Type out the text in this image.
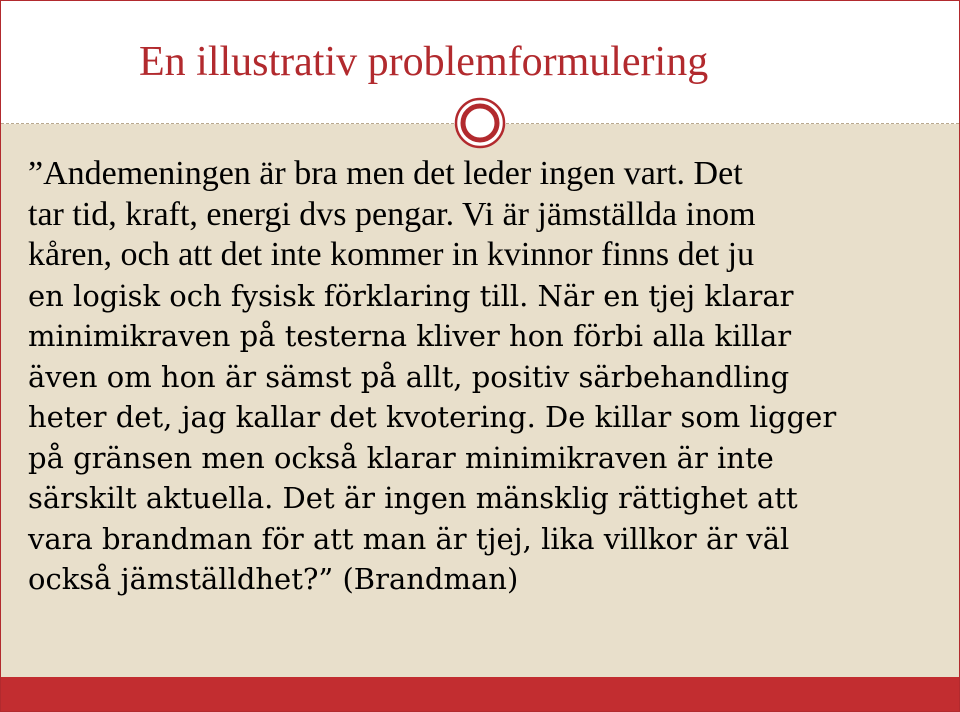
En illustrativ problemformulering

”Andemeningen är bra men det leder ingen vart. Det
tar tid, kraft, energi dvs pengar. Vi är jämställda inom
kåren, och att det inte kommer in kvinnor finns det ju
en logisk och fysisk förklaring till. När en tjej klarar
minimikraven på testerna kliver hon förbi alla killar
även om hon är sämst på allt, positiv särbehandling
heter det, jag kallar det kvotering. De killar som ligger
på gränsen men också klarar minimikraven är inte
särskilt aktuella. Det är ingen mänsklig rättighet att
vara brandman för att man är tjej, lika villkor är väl
också jämställdhet?” (Brandman)
